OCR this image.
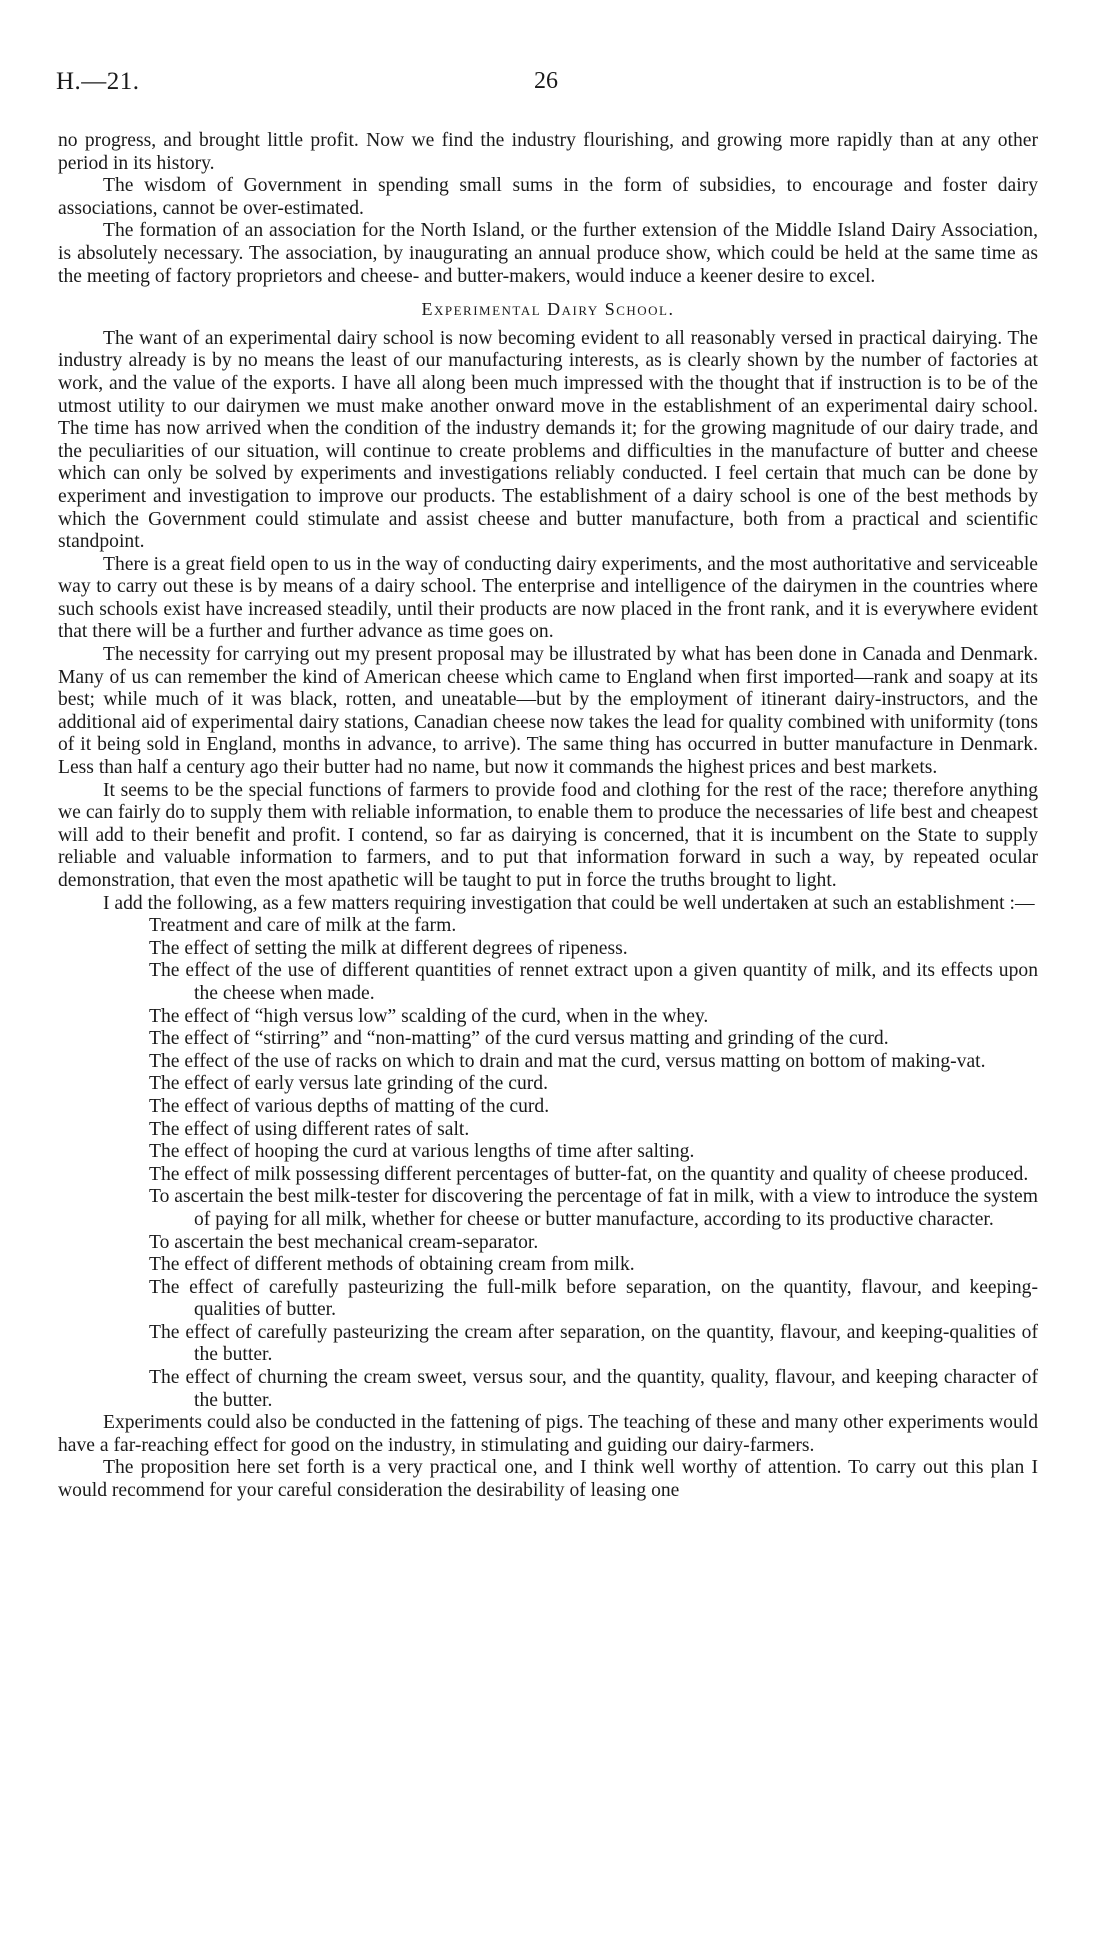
H.—21.	26

no progress, and brought little profit. Now we find the industry flourishing, and growing more rapidly than at any other period in its history.

The wisdom of Government in spending small sums in the form of subsidies, to encourage and foster dairy associations, cannot be over-estimated.

The formation of an association for the North Island, or the further extension of the Middle Island Dairy Association, is absolutely necessary. The association, by inaugurating an annual produce show, which could be held at the same time as the meeting of factory proprietors and cheese- and butter-makers, would induce a keener desire to excel.

Experimental Dairy School.

The want of an experimental dairy school is now becoming evident to all reasonably versed in practical dairying. The industry already is by no means the least of our manufacturing interests, as is clearly shown by the number of factories at work, and the value of the exports. I have all along been much impressed with the thought that if instruction is to be of the utmost utility to our dairymen we must make another onward move in the establishment of an experimental dairy school. The time has now arrived when the condition of the industry demands it; for the growing magnitude of our dairy trade, and the peculiarities of our situation, will continue to create problems and difficulties in the manufacture of butter and cheese which can only be solved by experiments and investigations reliably conducted. I feel certain that much can be done by experiment and investigation to improve our products. The establishment of a dairy school is one of the best methods by which the Government could stimulate and assist cheese and butter manufacture, both from a practical and scientific standpoint.

There is a great field open to us in the way of conducting dairy experiments, and the most authoritative and serviceable way to carry out these is by means of a dairy school. The enterprise and intelligence of the dairymen in the countries where such schools exist have increased steadily, until their products are now placed in the front rank, and it is everywhere evident that there will be a further and further advance as time goes on.

The necessity for carrying out my present proposal may be illustrated by what has been done in Canada and Denmark. Many of us can remember the kind of American cheese which came to England when first imported—rank and soapy at its best; while much of it was black, rotten, and uneatable—but by the employment of itinerant dairy-instructors, and the additional aid of experimental dairy stations, Canadian cheese now takes the lead for quality combined with uniformity (tons of it being sold in England, months in advance, to arrive). The same thing has occurred in butter manufacture in Denmark. Less than half a century ago their butter had no name, but now it commands the highest prices and best markets.

It seems to be the special functions of farmers to provide food and clothing for the rest of the race; therefore anything we can fairly do to supply them with reliable information, to enable them to produce the necessaries of life best and cheapest will add to their benefit and profit. I contend, so far as dairying is concerned, that it is incumbent on the State to supply reliable and valuable information to farmers, and to put that information forward in such a way, by repeated ocular demonstration, that even the most apathetic will be taught to put in force the truths brought to light.

I add the following, as a few matters requiring investigation that could be well undertaken at such an establishment :—

Treatment and care of milk at the farm.
The effect of setting the milk at different degrees of ripeness.
The effect of the use of different quantities of rennet extract upon a given quantity of milk, and its effects upon the cheese when made.
The effect of “high versus low” scalding of the curd, when in the whey.
The effect of “stirring” and “non-matting” of the curd versus matting and grinding of the curd.
The effect of the use of racks on which to drain and mat the curd, versus matting on bottom of making-vat.
The effect of early versus late grinding of the curd.
The effect of various depths of matting of the curd.
The effect of using different rates of salt.
The effect of hooping the curd at various lengths of time after salting.
The effect of milk possessing different percentages of butter-fat, on the quantity and quality of cheese produced.
To ascertain the best milk-tester for discovering the percentage of fat in milk, with a view to introduce the system of paying for all milk, whether for cheese or butter manufacture, according to its productive character.
To ascertain the best mechanical cream-separator.
The effect of different methods of obtaining cream from milk.
The effect of carefully pasteurizing the full-milk before separation, on the quantity, flavour, and keeping-qualities of butter.
The effect of carefully pasteurizing the cream after separation, on the quantity, flavour, and keeping-qualities of the butter.
The effect of churning the cream sweet, versus sour, and the quantity, quality, flavour, and keeping character of the butter.

Experiments could also be conducted in the fattening of pigs. The teaching of these and many other experiments would have a far-reaching effect for good on the industry, in stimulating and guiding our dairy-farmers.

The proposition here set forth is a very practical one, and I think well worthy of attention. To carry out this plan I would recommend for your careful consideration the desirability of leasing one
